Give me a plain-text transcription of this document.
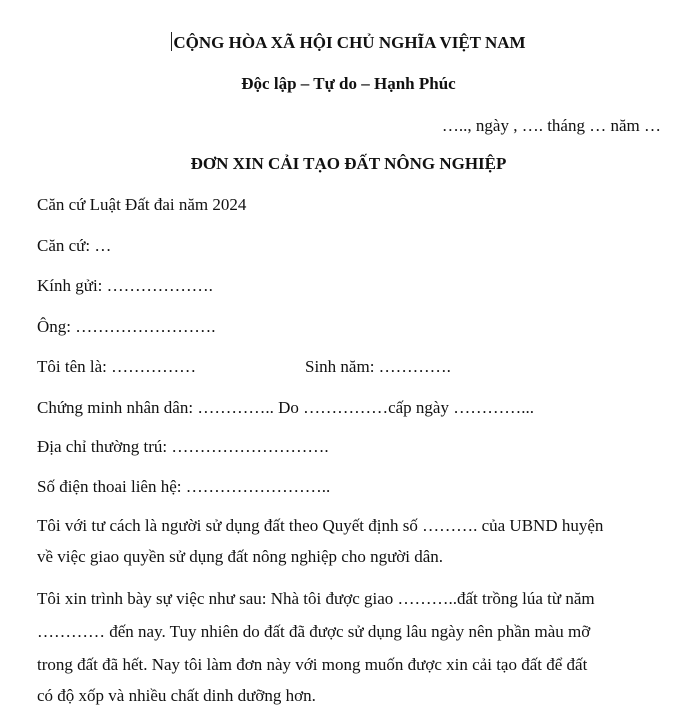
CỘNG HÒA XÃ HỘI CHỦ NGHĨA VIỆT NAM
Độc lập – Tự do – Hạnh Phúc
….., ngày , …. tháng … năm …
ĐƠN XIN CẢI TẠO ĐẤT NÔNG NGHIỆP
Căn cứ Luật Đất đai năm 2024
Căn cứ: …
Kính gửi: ……………….
Ông: …………………….
Tôi tên là: ……………	Sinh năm: ………….
Chứng minh nhân dân: ………….. Do ……………cấp ngày …………...
Địa chỉ thường trú: ……………………….
Số điện thoai liên hệ: ……………………..
Tôi với tư cách là người sử dụng đất theo Quyết định số ………. của UBND huyện
về việc giao quyền sử dụng đất nông nghiệp cho người dân.
Tôi xin trình bày sự việc như sau: Nhà tôi được giao ………..đất trồng lúa từ năm
………… đến nay. Tuy nhiên do đất đã được sử dụng lâu ngày nên phần màu mỡ
trong đất đã hết. Nay tôi làm đơn này với mong muốn được xin cải tạo đất để đất
có độ xốp và nhiều chất dinh dưỡng hơn.
